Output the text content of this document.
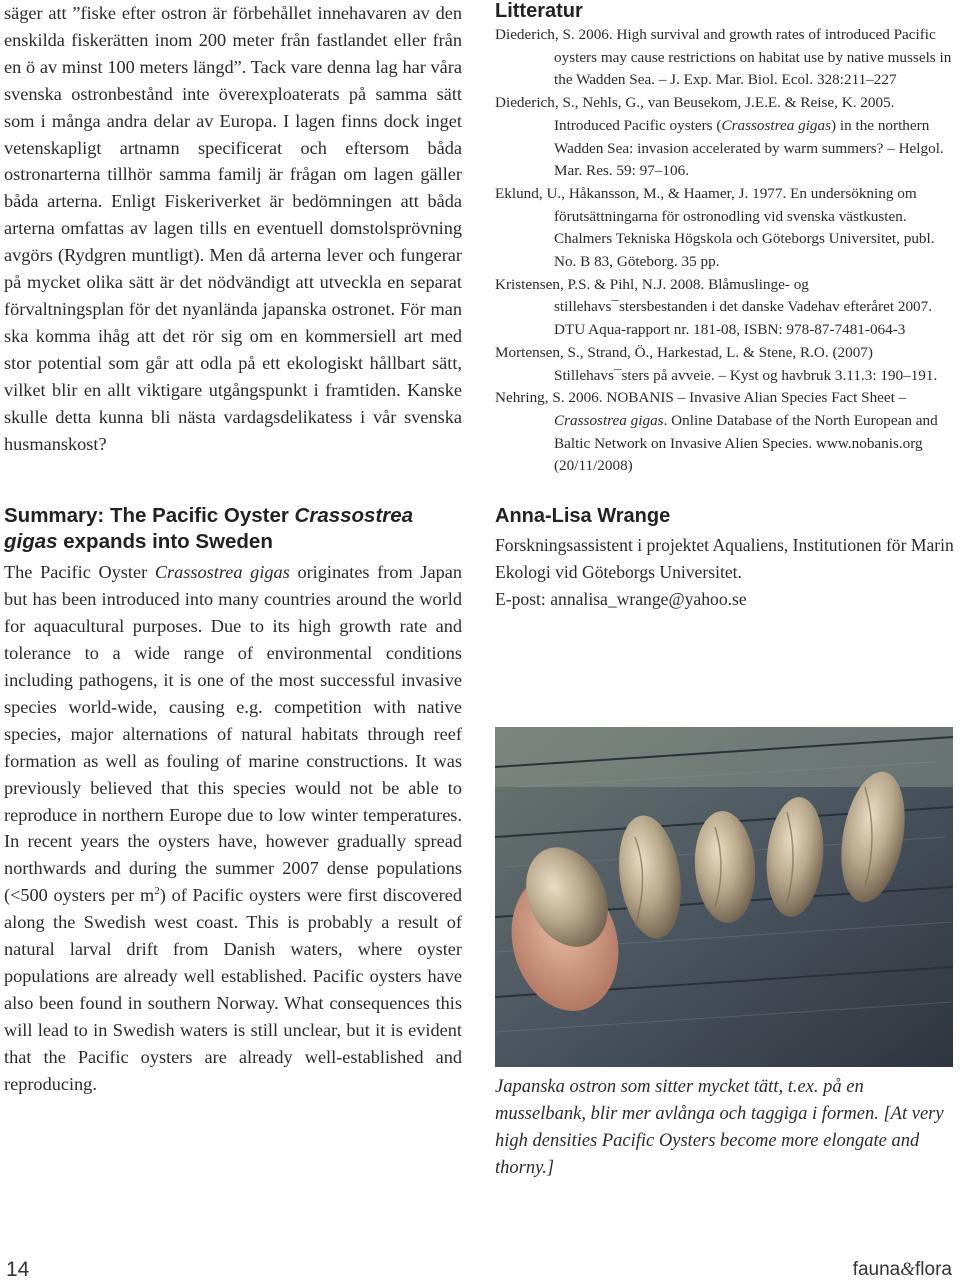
säger att ”fiske efter ostron är förbehållet innehavaren av den enskilda fiskerätten inom 200 meter från fastlandet eller från en ö av minst 100 meters längd”. Tack vare denna lag har våra svenska ostronbestånd inte överexploaterats på samma sätt som i många andra delar av Europa. I lagen finns dock inget vetenskapligt artnamn specificerat och eftersom båda ostronarterna tillhör samma familj är frågan om lagen gäller båda arterna. Enligt Fiskeriverket är bedömningen att båda arterna omfattas av lagen tills en eventuell domstolsprövning avgörs (Rydgren muntligt). Men då arterna lever och fungerar på mycket olika sätt är det nödvändigt att utveckla en separat förvaltningsplan för det nyanlända japanska ostronet. För man ska komma ihåg att det rör sig om en kommersiell art med stor potential som går att odla på ett ekologiskt hållbart sätt, vilket blir en allt viktigare utgångspunkt i framtiden. Kanske skulle detta kunna bli nästa vardagsdelikatess i vår svenska husmanskost?

Summary: The Pacific Oyster Crassostrea gigas expands into Sweden

The Pacific Oyster Crassostrea gigas originates from Japan but has been introduced into many countries around the world for aquacultural purposes. Due to its high growth rate and tolerance to a wide range of environmental conditions including pathogens, it is one of the most successful invasive species world-wide, causing e.g. competition with native species, major alternations of natural habitats through reef formation as well as fouling of marine constructions. It was previously believed that this species would not be able to reproduce in northern Europe due to low winter temperatures. In recent years the oysters have, however gradually spread northwards and during the summer 2007 dense populations (<500 oysters per $m^2$) of Pacific oysters were first discovered along the Swedish west coast. This is probably a result of natural larval drift from Danish waters, where oyster populations are already well established. Pacific oysters have also been found in southern Norway. What consequences this will lead to in Swedish waters is still unclear, but it is evident that the Pacific oysters are already well-established and reproducing.

Litteratur

Diederich, S. 2006. High survival and growth rates of introduced Pacific oysters may cause restrictions on habitat use by native mussels in the Wadden Sea. – J. Exp. Mar. Biol. Ecol. 328:211–227

Diederich, S., Nehls, G., van Beusekom, J.E.E. & Reise, K. 2005. Introduced Pacific oysters (Crassostrea gigas) in the northern Wadden Sea: invasion accelerated by warm summers? – Helgol. Mar. Res. 59: 97–106.

Eklund, U., Håkansson, M., & Haamer, J. 1977. En undersökning om förutsättningarna för ostronodling vid svenska västkusten. Chalmers Tekniska Högskola och Göteborgs Universitet, publ. No. B 83, Göteborg. 35 pp.

Kristensen, P.S. & Pihl, N.J. 2008. Blåmuslinge- og stillehavs¯stersbestanden i det danske Vadehav efteråret 2007. DTU Aqua-rapport nr. 181-08, ISBN: 978-87-7481-064-3

Mortensen, S., Strand, Ö., Harkestad, L. & Stene, R.O. (2007) Stillehavs¯sters på avveie. – Kyst og havbruk 3.11.3: 190–191.

Nehring, S. 2006. NOBANIS – Invasive Alian Species Fact Sheet – Crassostrea gigas. Online Database of the North European and Baltic Network on Invasive Alien Species. www.nobanis.org (20/11/2008)

Anna-Lisa Wrange

Forskningsassistent i projektet Aqualiens, Institutionen för Marin Ekologi vid Göteborgs Universitet.

E-post: annalisa_wrange@yahoo.se

Japanska ostron som sitter mycket tätt, t.ex. på en musselbank, blir mer avlånga och taggiga i formen. [At very high densities Pacific Oysters become more elongate and thorny.]

14	fauna&flora
